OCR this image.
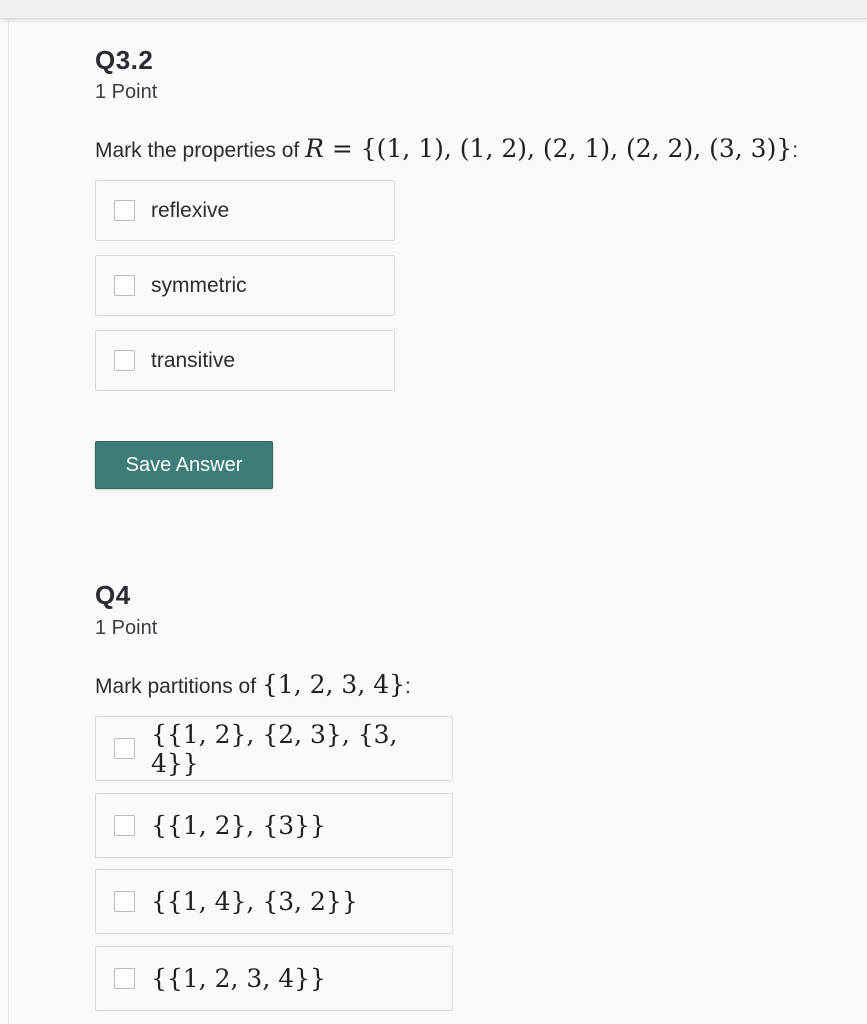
Q3.2
1 Point
Mark the properties of R = {(1, 1), (1, 2), (2, 1), (2, 2), (3, 3)}:
reflexive
symmetric
transitive
Save Answer
Q4
1 Point
Mark partitions of {1, 2, 3, 4}:
{{1, 2}, {2, 3}, {3, 4}}
{{1, 2}, {3}}
{{1, 4}, {3, 2}}
{{1, 2, 3, 4}}
